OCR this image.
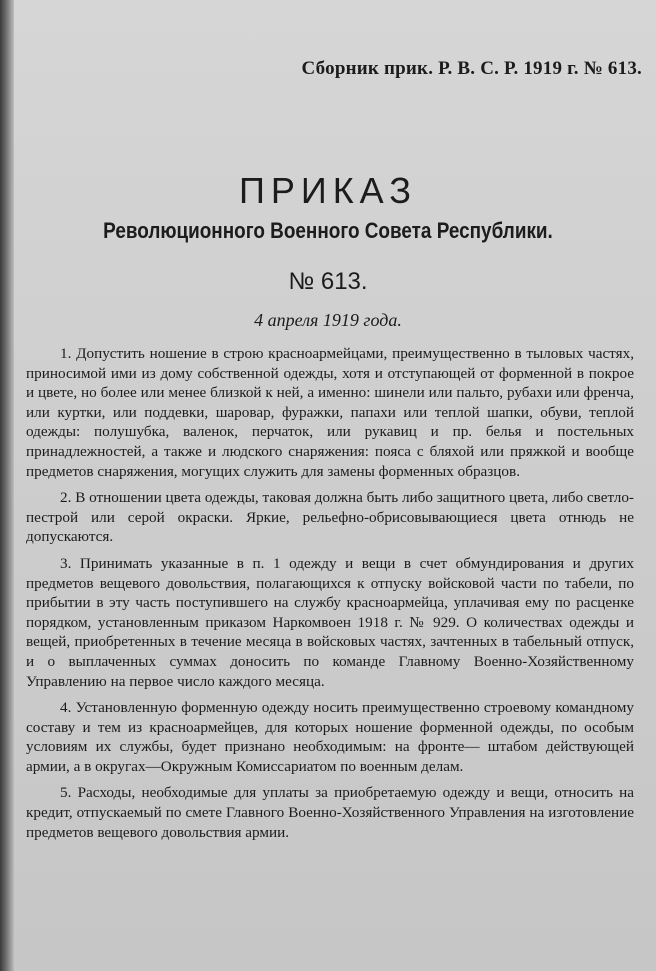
Сборник прик. Р. В. С. Р. 1919 г. № 613.
ПРИКАЗ
Революционного Военного Совета Республики.
№ 613.
4 апреля 1919 года.

1. Допустить ношение в строю красноармейцами, преимущественно в тыловых частях, приносимой ими из дому собственной одежды, хотя и отступающей от форменной в покрое и цвете, но более или менее близкой к ней, а именно: шинели или пальто, рубахи или френча, или куртки, или поддевки, шаровар, фуражки, папахи или теплой шапки, обуви, теплой одежды: полушубка, валенок, перчаток, или рукавиц и пр. белья и постельных принадлежностей, а также и людского снаряжения: пояса с бляхой или пряжкой и вообще предметов снаряжения, могущих служить для замены форменных образцов.

2. В отношении цвета одежды, таковая должна быть либо защитного цвета, либо светло-пестрой или серой окраски. Яркие, рельефно-обрисовывающиеся цвета отнюдь не допускаются.

3. Принимать указанные в п. 1 одежду и вещи в счет обмундирования и других предметов вещевого довольствия, полагающихся к отпуску войсковой части по табели, по прибытии в эту часть поступившего на службу красноармейца, уплачивая ему по расценке порядком, установленным приказом Наркомвоен 1918 г. № 929. О количествах одежды и вещей, приобретенных в течение месяца в войсковых частях, зачтенных в табельный отпуск, и о выплаченных суммах доносить по команде Главному Военно-Хозяйственному Управлению на первое число каждого месяца.

4. Установленную форменную одежду носить преимущественно строевому командному составу и тем из красноармейцев, для которых ношение форменной одежды, по особым условиям их службы, будет признано необходимым: на фронте— штабом действующей армии, а в округах—Окружным Комиссариатом по военным делам.

5. Расходы, необходимые для уплаты за приобретаемую одежду и вещи, относить на кредит, отпускаемый по смете Главного Военно-Хозяйственного Управления на изготовление предметов вещевого довольствия армии.
